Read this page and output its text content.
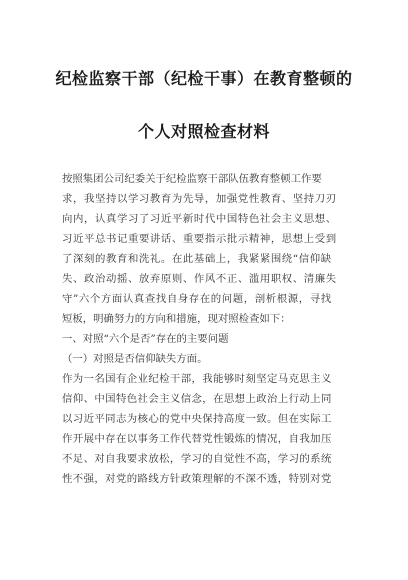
纪检监察干部（纪检干事）在教育整顿的
个人对照检查材料
按照集团公司纪委关于纪检监察干部队伍教育整顿工作要
求，我坚持以学习教育为先导，加强党性教育、坚持刀刃
向内，认真学习了习近平新时代中国特色社会主义思想、
习近平总书记重要讲话、重要指示批示精神，思想上受到
了深刻的教育和洗礼。在此基础上，我紧紧围绕“信仰缺
失、政治动摇、放弃原则、作风不正、滥用职权、清廉失
守”六个方面认真查找自身存在的问题，剖析根源，寻找
短板，明确努力的方向和措施，现对照检查如下：
一、对照“六个是否”存在的主要问题
（一）对照是否信仰缺失方面。
作为一名国有企业纪检干部，我能够时刻坚定马克思主义
信仰、中国特色社会主义信念，在思想上政治上行动上同
以习近平同志为核心的党中央保持高度一致。但在实际工
作开展中存在以事务工作代替党性锻炼的情况，自我加压
不足、对自我要求放松，学习的自觉性不高，学习的系统
性不强，对党的路线方针政策理解的不深不透，特别对党
